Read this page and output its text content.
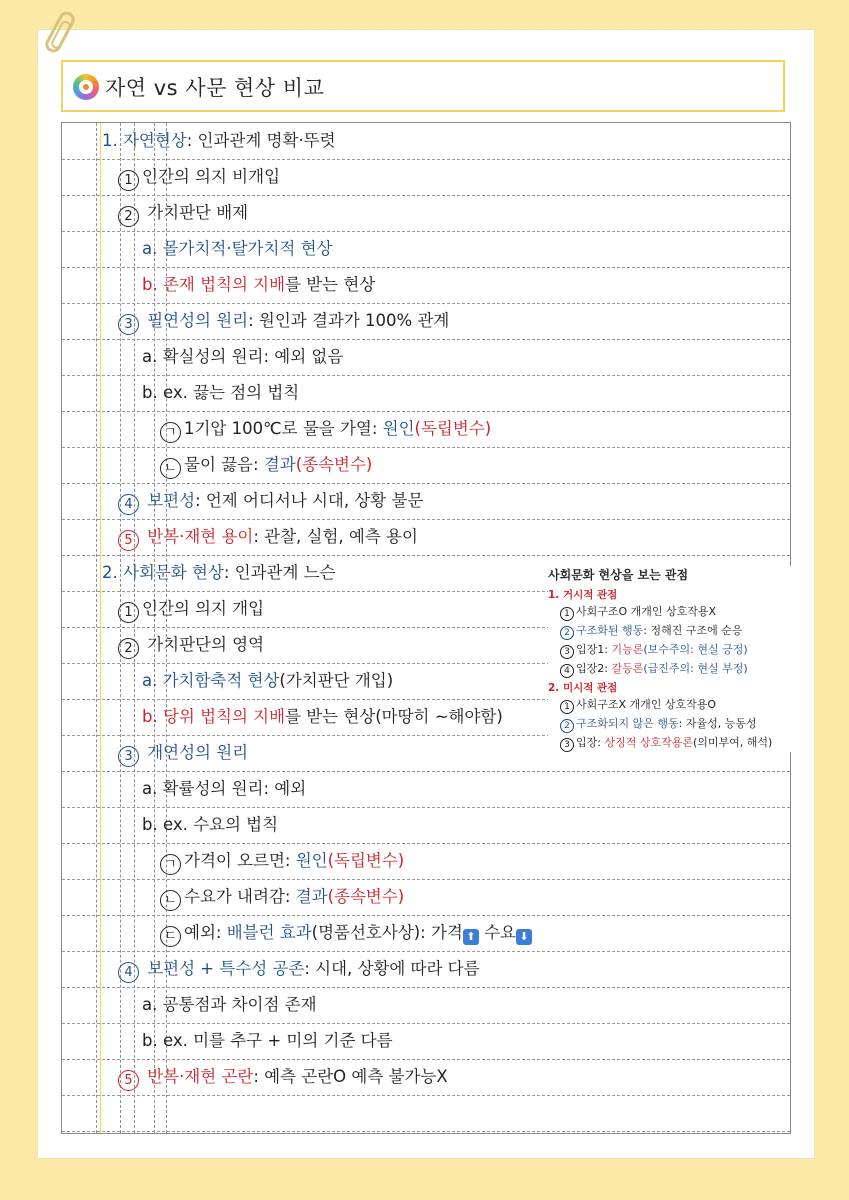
자연 vs 사문 현상 비교
1. 자연현상: 인과관계 명확·뚜렷
1 인간의 의지 비개입
2 가치판단 배제
a. 몰가치적·탈가치적 현상
b. 존재 법칙의 지배를 받는 현상
3 필연성의 원리: 원인과 결과가 100% 관계
a. 확실성의 원리: 예외 없음
b. ex. 끓는 점의 법칙
ㄱ 1기압 100℃로 물을 가열: 원인(독립변수)
ㄴ 물이 끓음: 결과(종속변수)
4 보편성: 언제 어디서나 시대, 상황 불문
5 반복·재현 용이: 관찰, 실험, 예측 용이
2. 사회문화 현상: 인과관계 느슨
1 인간의 의지 개입
2 가치판단의 영역
a. 가치함축적 현상(가치판단 개입)
b. 당위 법칙의 지배를 받는 현상(마땅히 ~해야함)
3 개연성의 원리
a. 확률성의 원리: 예외
b. ex. 수요의 법칙
ㄱ 가격이 오르면: 원인(독립변수)
ㄴ 수요가 내려감: 결과(종속변수)
ㄷ 예외: 배블런 효과(명품선호사상): 가격 ⬆ 수요 ⬇
4 보편성 + 특수성 공존: 시대, 상황에 따라 다름
a. 공통점과 차이점 존재
b. ex. 미를 추구 + 미의 기준 다름
5 반복·재현 곤란: 예측 곤란O 예측 불가능X
사회문화 현상을 보는 관점
1. 거시적 관점
1 사회구조O 개개인 상호작용X
2 구조화된 행동: 정해진 구조에 순응
3 입장1: 기능론(보수주의: 현실 긍정)
4 입장2: 갈등론(급진주의: 현실 부정)
2. 미시적 관점
1 사회구조X 개개인 상호작용O
2 구조화되지 않은 행동: 자율성, 능동성
3 입장: 상징적 상호작용론(의미부여, 해석)
